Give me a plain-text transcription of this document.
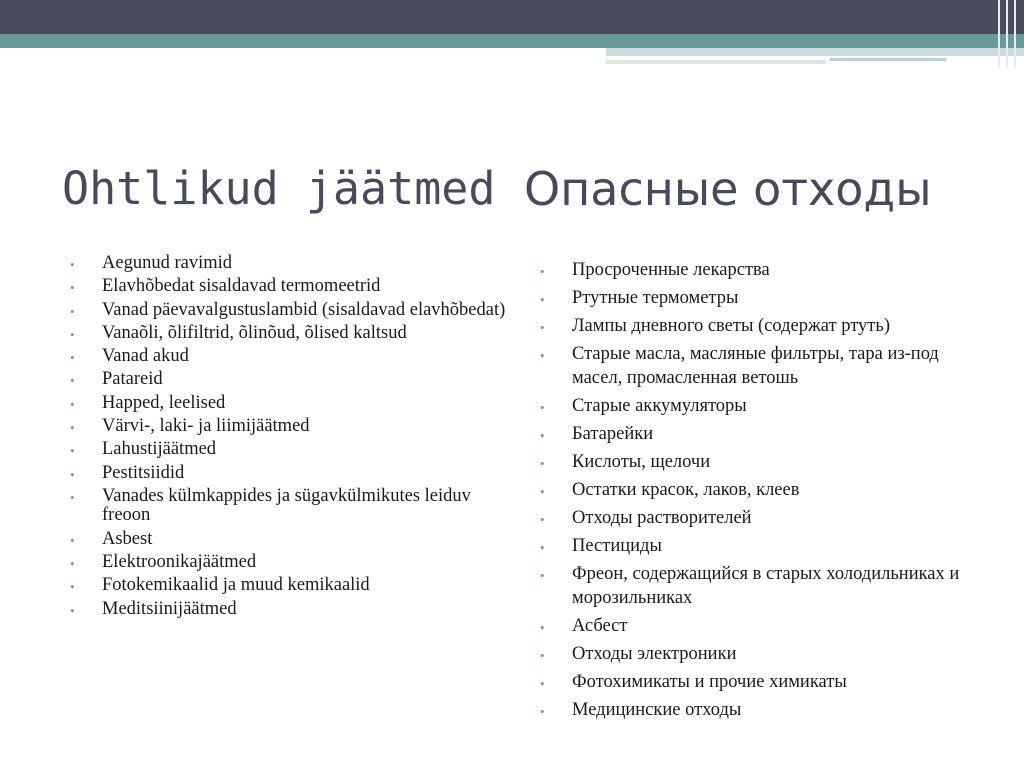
Ohtlikud jäätmed Опасные отходы
• Aegunud ravimid
• Elavhõbedat sisaldavad termomeetrid
• Vanad päevavalgustuslambid (sisaldavad elavhõbedat)
• Vanaõli, õlifiltrid, õlinõud, õlised kaltsud
• Vanad akud
• Patareid
• Happed, leelised
• Värvi-, laki- ja liimijäätmed
• Lahustijäätmed
• Pestitsiidid
• Vanades külmkappides ja sügavkülmikutes leiduv freoon
• Asbest
• Elektroonikajäätmed
• Fotokemikaalid ja muud kemikaalid
• Meditsiinijäätmed
• Просроченные лекарства
• Ртутные термометры
• Лампы дневного светы (содержат ртуть)
• Старые масла, масляные фильтры, тара из-под масел, промасленная ветошь
• Старые аккумуляторы
• Батарейки
• Кислоты, щелочи
• Остатки красок, лаков, клеев
• Отходы растворителей
• Пестициды
• Фреон, содержащийся в старых холодильниках и морозильниках
• Асбест
• Отходы электроники
• Фотохимикаты и прочие химикаты
• Медицинские отходы
